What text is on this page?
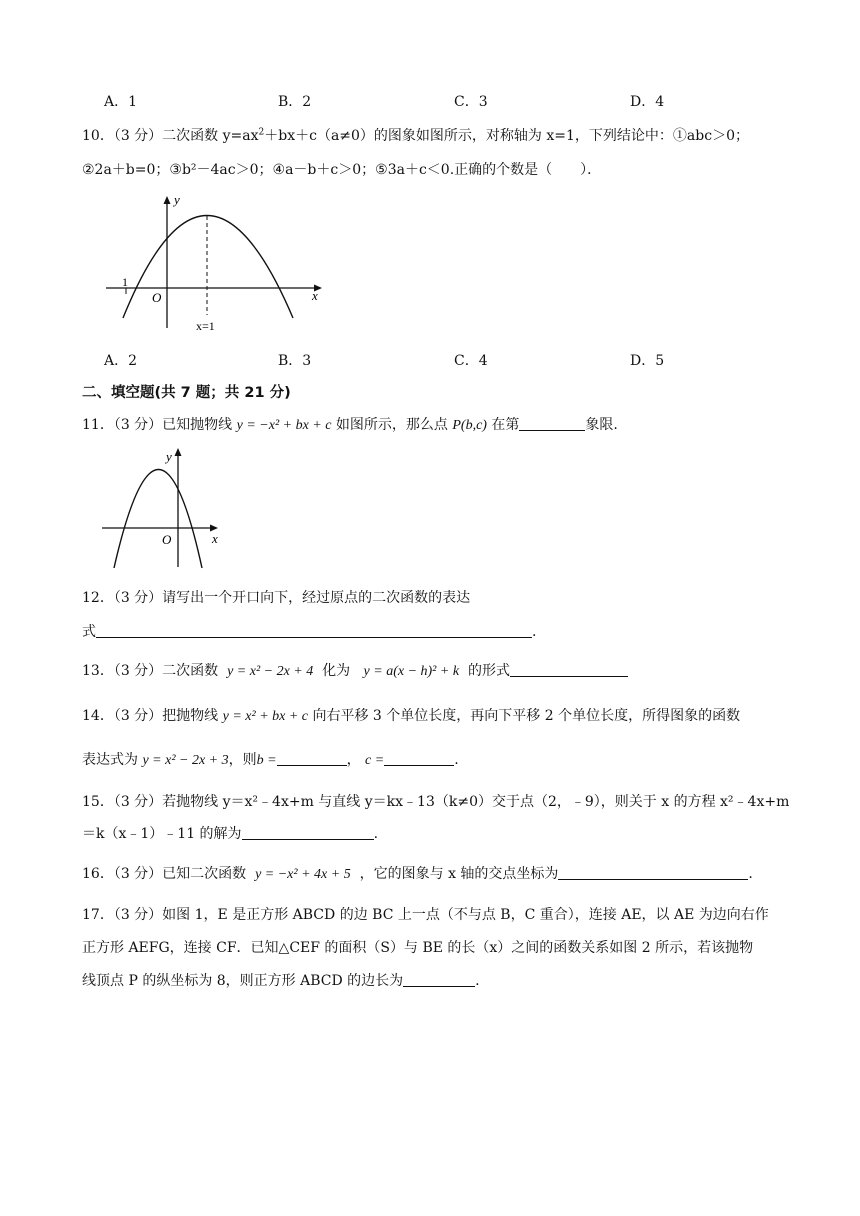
A．1	B．2	C．3	D．4
10．（3 分）二次函数 $y=ax^2+bx+c(a\ne 0)$的图象如图所示，对称轴为 x=1，下列结论中：①abc＞0；
②2a＋b=0；③b²－4ac＞0；④a－b＋c＞0；⑤3a＋c＜0.正确的个数是（　　）．
y
x
O
1
x=1
A．2	B．3	C．4	D．5
二、填空题(共 7 题；共 21 分)
11．（3 分）已知抛物线 y = −x² + bx + c 如图所示，那么点 P(b,c) 在第	象限.
y
x
O
12．（3 分）请写出一个开口向下，经过原点的二次函数的表达
式	.
13．（3 分）二次函数 y = x² − 2x + 4 化为 y = a(x − h)² + k 的形式
14．（3 分）把抛物线 y = x² + bx + c 向右平移 3 个单位长度，再向下平移 2 个单位长度，所得图象的函数
表达式为 y = x² − 2x + 3，则b =	， c =	.
15．（3 分）若抛物线 y＝x²﹣4x+m 与直线 y＝kx﹣13（k≠0）交于点（2，﹣9），则关于 x 的方程 x²﹣4x+m
＝k（x﹣1）﹣11 的解为	.
16．（3 分）已知二次函数 y = −x² + 4x + 5 ，它的图象与 x 轴的交点坐标为	.
17．（3 分）如图 1，E 是正方形 ABCD 的边 BC 上一点（不与点 B，C 重合），连接 AE，以 AE 为边向右作
正方形 AEFG，连接 CF．已知△CEF 的面积（S）与 BE 的长（x）之间的函数关系如图 2 所示，若该抛物
线顶点 P 的纵坐标为 8，则正方形 ABCD 的边长为	.
